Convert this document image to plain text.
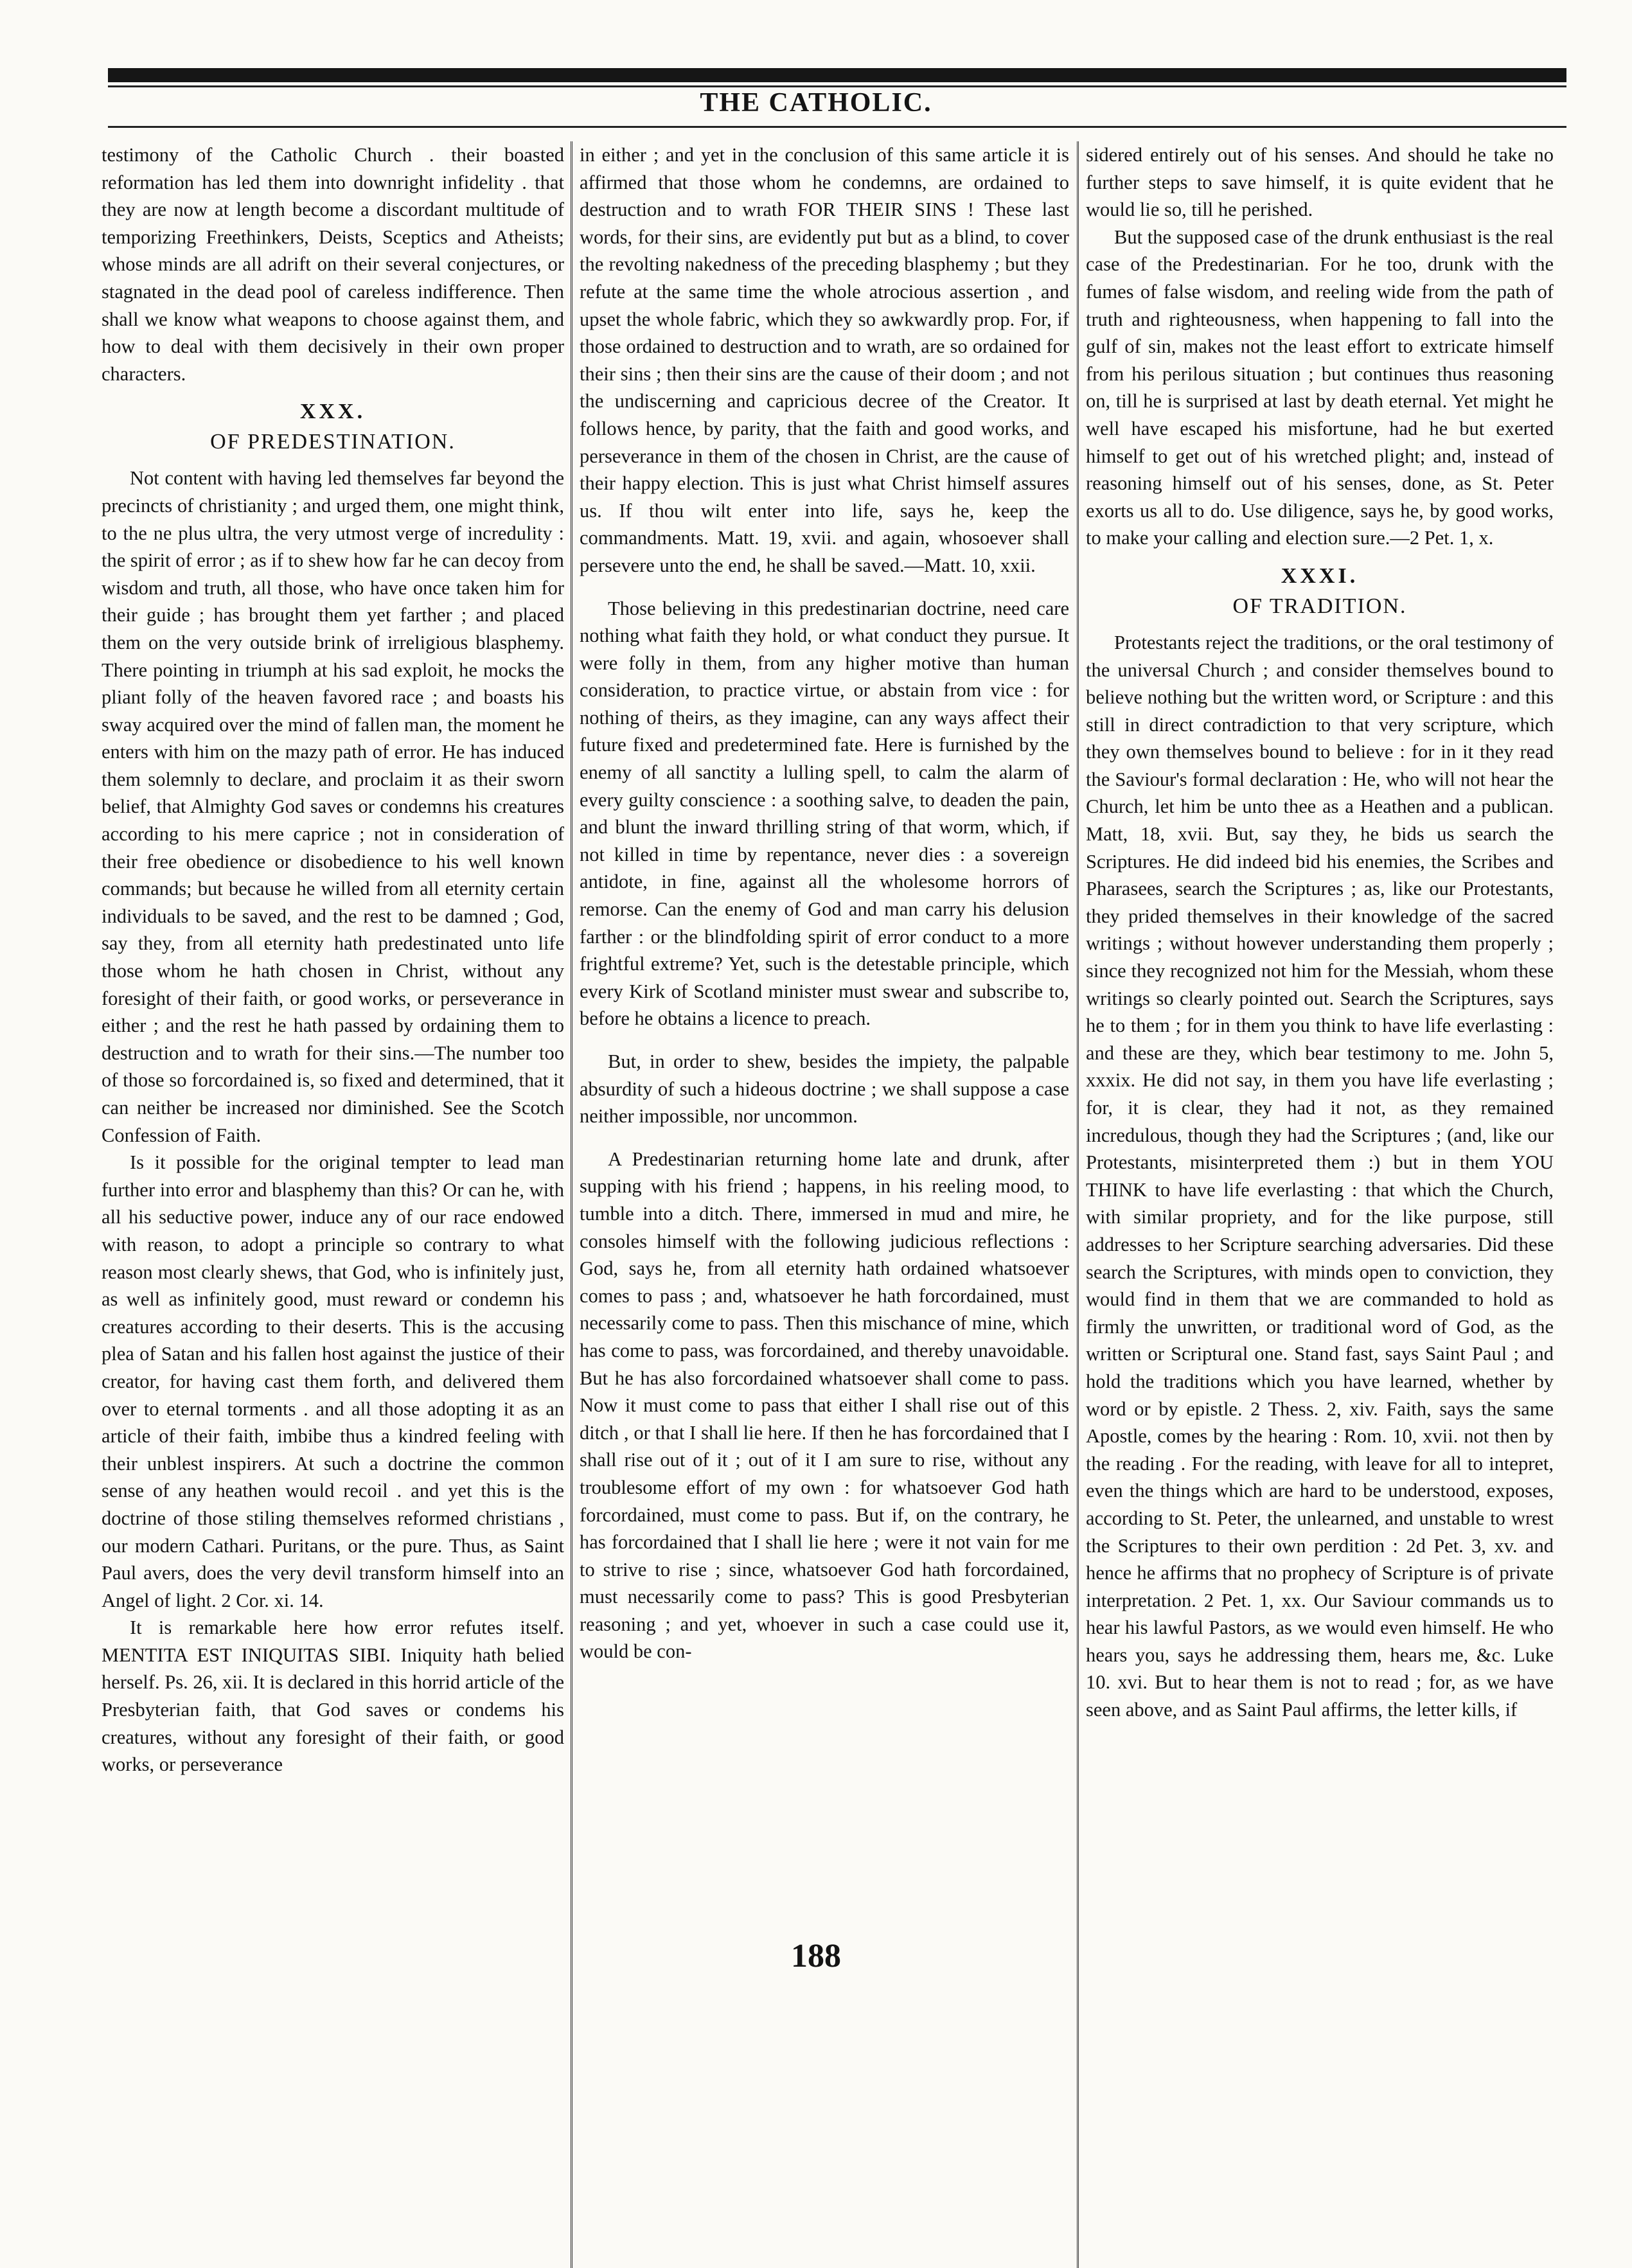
THE CATHOLIC.

testimony of the Catholic Church . their boasted reformation has led them into downright infidelity . that they are now at length become a discordant multitude of temporizing Freethinkers, Deists, Sceptics and Atheists; whose minds are all adrift on their several conjectures, or stagnated in the dead pool of careless indifference. Then shall we know what weapons to choose against them, and how to deal with them decisively in their own proper characters.

XXX.
OF PREDESTINATION.

Not content with having led themselves far beyond the precincts of christianity ; and urged them, one might think, to the ne plus ultra, the very utmost verge of incredulity : the spirit of error ; as if to shew how far he can decoy from wisdom and truth, all those, who have once taken him for their guide ; has brought them yet farther ; and placed them on the very outside brink of irreligious blasphemy. There pointing in triumph at his sad exploit, he mocks the pliant folly of the heaven favored race ; and boasts his sway acquired over the mind of fallen man, the moment he enters with him on the mazy path of error. He has induced them solemnly to declare, and proclaim it as their sworn belief, that Almighty God saves or condemns his creatures according to his mere caprice ; not in consideration of their free obedience or disobedience to his well known commands; but because he willed from all eternity certain individuals to be saved, and the rest to be damned ; God, say they, from all eternity hath predestinated unto life those whom he hath chosen in Christ, without any foresight of their faith, or good works, or perseverance in either ; and the rest he hath passed by ordaining them to destruction and to wrath for their sins.—The number too of those so forcordained is, so fixed and determined, that it can neither be increased nor diminished. See the Scotch Confession of Faith.

Is it possible for the original tempter to lead man further into error and blasphemy than this? Or can he, with all his seductive power, induce any of our race endowed with reason, to adopt a principle so contrary to what reason most clearly shews, that God, who is infinitely just, as well as infinitely good, must reward or condemn his creatures according to their deserts. This is the accusing plea of Satan and his fallen host against the justice of their creator, for having cast them forth, and delivered them over to eternal torments . and all those adopting it as an article of their faith, imbibe thus a kindred feeling with their unblest inspirers. At such a doctrine the common sense of any heathen would recoil . and yet this is the doctrine of those stiling themselves reformed christians , our modern Cathari. Puritans, or the pure. Thus, as Saint Paul avers, does the very devil transform himself into an Angel of light. 2 Cor. xi. 14.

It is remarkable here how error refutes itself. MENTITA EST INIQUITAS SIBI. Iniquity hath belied herself. Ps. 26, xii. It is declared in this horrid article of the Presbyterian faith, that God saves or condems his creatures, without any foresight of their faith, or good works, or perseverance

in either ; and yet in the conclusion of this same article it is affirmed that those whom he condemns, are ordained to destruction and to wrath FOR THEIR SINS ! These last words, for their sins, are evidently put but as a blind, to cover the revolting nakedness of the preceding blasphemy ; but they refute at the same time the whole atrocious assertion , and upset the whole fabric, which they so awkwardly prop. For, if those ordained to destruction and to wrath, are so ordained for their sins ; then their sins are the cause of their doom ; and not the undiscerning and capricious decree of the Creator. It follows hence, by parity, that the faith and good works, and perseverance in them of the chosen in Christ, are the cause of their happy election. This is just what Christ himself assures us. If thou wilt enter into life, says he, keep the commandments. Matt. 19, xvii. and again, whosoever shall persevere unto the end, he shall be saved.—Matt. 10, xxii.

Those believing in this predestinarian doctrine, need care nothing what faith they hold, or what conduct they pursue. It were folly in them, from any higher motive than human consideration, to practice virtue, or abstain from vice : for nothing of theirs, as they imagine, can any ways affect their future fixed and predetermined fate. Here is furnished by the enemy of all sanctity a lulling spell, to calm the alarm of every guilty conscience : a soothing salve, to deaden the pain, and blunt the inward thrilling string of that worm, which, if not killed in time by repentance, never dies : a sovereign antidote, in fine, against all the wholesome horrors of remorse. Can the enemy of God and man carry his delusion farther : or the blindfolding spirit of error conduct to a more frightful extreme? Yet, such is the detestable principle, which every Kirk of Scotland minister must swear and subscribe to, before he obtains a licence to preach.

But, in order to shew, besides the impiety, the palpable absurdity of such a hideous doctrine ; we shall suppose a case neither impossible, nor uncommon.

A Predestinarian returning home late and drunk, after supping with his friend ; happens, in his reeling mood, to tumble into a ditch. There, immersed in mud and mire, he consoles himself with the following judicious reflections : God, says he, from all eternity hath ordained whatsoever comes to pass ; and, whatsoever he hath forcordained, must necessarily come to pass. Then this mischance of mine, which has come to pass, was forcordained, and thereby unavoidable. But he has also forcordained whatsoever shall come to pass. Now it must come to pass that either I shall rise out of this ditch , or that I shall lie here. If then he has forcordained that I shall rise out of it ; out of it I am sure to rise, without any troublesome effort of my own : for whatsoever God hath forcordained, must come to pass. But if, on the contrary, he has forcordained that I shall lie here ; were it not vain for me to strive to rise ; since, whatsoever God hath forcordained, must necessarily come to pass? This is good Presbyterian reasoning ; and yet, whoever in such a case could use it, would be con-

sidered entirely out of his senses. And should he take no further steps to save himself, it is quite evident that he would lie so, till he perished.

But the supposed case of the drunk enthusiast is the real case of the Predestinarian. For he too, drunk with the fumes of false wisdom, and reeling wide from the path of truth and righteousness, when happening to fall into the gulf of sin, makes not the least effort to extricate himself from his perilous situation ; but continues thus reasoning on, till he is surprised at last by death eternal. Yet might he well have escaped his misfortune, had he but exerted himself to get out of his wretched plight; and, instead of reasoning himself out of his senses, done, as St. Peter exorts us all to do. Use diligence, says he, by good works, to make your calling and election sure.—2 Pet. 1, x.

XXXI.
OF TRADITION.

Protestants reject the traditions, or the oral testimony of the universal Church ; and consider themselves bound to believe nothing but the written word, or Scripture : and this still in direct contradiction to that very scripture, which they own themselves bound to believe : for in it they read the Saviour's formal declaration : He, who will not hear the Church, let him be unto thee as a Heathen and a publican. Matt, 18, xvii. But, say they, he bids us search the Scriptures. He did indeed bid his enemies, the Scribes and Pharasees, search the Scriptures ; as, like our Protestants, they prided themselves in their knowledge of the sacred writings ; without however understanding them properly ; since they recognized not him for the Messiah, whom these writings so clearly pointed out. Search the Scriptures, says he to them ; for in them you think to have life everlasting : and these are they, which bear testimony to me. John 5, xxxix. He did not say, in them you have life everlasting ; for, it is clear, they had it not, as they remained incredulous, though they had the Scriptures ; (and, like our Protestants, misinterpreted them :) but in them YOU THINK to have life everlasting : that which the Church, with similar propriety, and for the like purpose, still addresses to her Scripture searching adversaries. Did these search the Scriptures, with minds open to conviction, they would find in them that we are commanded to hold as firmly the unwritten, or traditional word of God, as the written or Scriptural one. Stand fast, says Saint Paul ; and hold the traditions which you have learned, whether by word or by epistle. 2 Thess. 2, xiv. Faith, says the same Apostle, comes by the hearing : Rom. 10, xvii. not then by the reading . For the reading, with leave for all to intepret, even the things which are hard to be understood, exposes, according to St. Peter, the unlearned, and unstable to wrest the Scriptures to their own perdition : 2d Pet. 3, xv. and hence he affirms that no prophecy of Scripture is of private interpretation. 2 Pet. 1, xx. Our Saviour commands us to hear his lawful Pastors, as we would even himself. He who hears you, says he addressing them, hears me, &c. Luke 10. xvi. But to hear them is not to read ; for, as we have seen above, and as Saint Paul affirms, the letter kills, if

188
